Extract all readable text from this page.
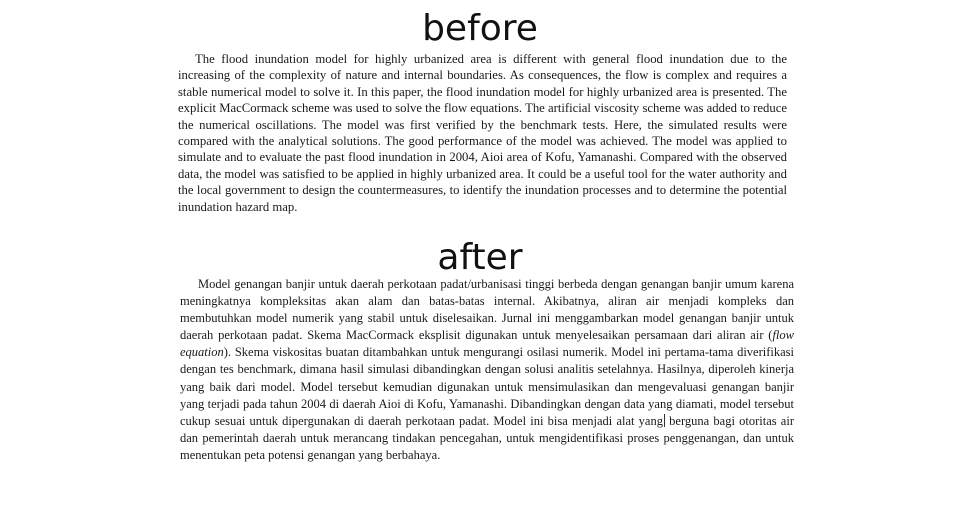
before

The flood inundation model for highly urbanized area is different with general flood inundation due to the increasing of the complexity of nature and internal boundaries. As consequences, the flow is complex and requires a stable numerical model to solve it. In this paper, the flood inundation model for highly urbanized area is presented. The explicit MacCormack scheme was used to solve the flow equations. The artificial viscosity scheme was added to reduce the numerical oscillations. The model was first verified by the benchmark tests. Here, the simulated results were compared with the analytical solutions. The good performance of the model was achieved. The model was applied to simulate and to evaluate the past flood inundation in 2004, Aioi area of Kofu, Yamanashi. Compared with the observed data, the model was satisfied to be applied in highly urbanized area. It could be a useful tool for the water authority and the local government to design the countermeasures, to identify the inundation processes and to determine the potential inundation hazard map.

after

Model genangan banjir untuk daerah perkotaan padat/urbanisasi tinggi berbeda dengan genangan banjir umum karena meningkatnya kompleksitas akan alam dan batas-batas internal. Akibatnya, aliran air menjadi kompleks dan membutuhkan model numerik yang stabil untuk diselesaikan. Jurnal ini menggambarkan model genangan banjir untuk daerah perkotaan padat. Skema MacCormack eksplisit digunakan untuk menyelesaikan persamaan dari aliran air (flow equation). Skema viskositas buatan ditambahkan untuk mengurangi osilasi numerik. Model ini pertama-tama diverifikasi dengan tes benchmark, dimana hasil simulasi dibandingkan dengan solusi analitis setelahnya. Hasilnya, diperoleh kinerja yang baik dari model. Model tersebut kemudian digunakan untuk mensimulasikan dan mengevaluasi genangan banjir yang terjadi pada tahun 2004 di daerah Aioi di Kofu, Yamanashi. Dibandingkan dengan data yang diamati, model tersebut cukup sesuai untuk dipergunakan di daerah perkotaan padat. Model ini bisa menjadi alat yang berguna bagi otoritas air dan pemerintah daerah untuk merancang tindakan pencegahan, untuk mengidentifikasi proses penggenangan, dan untuk menentukan peta potensi genangan yang berbahaya.
